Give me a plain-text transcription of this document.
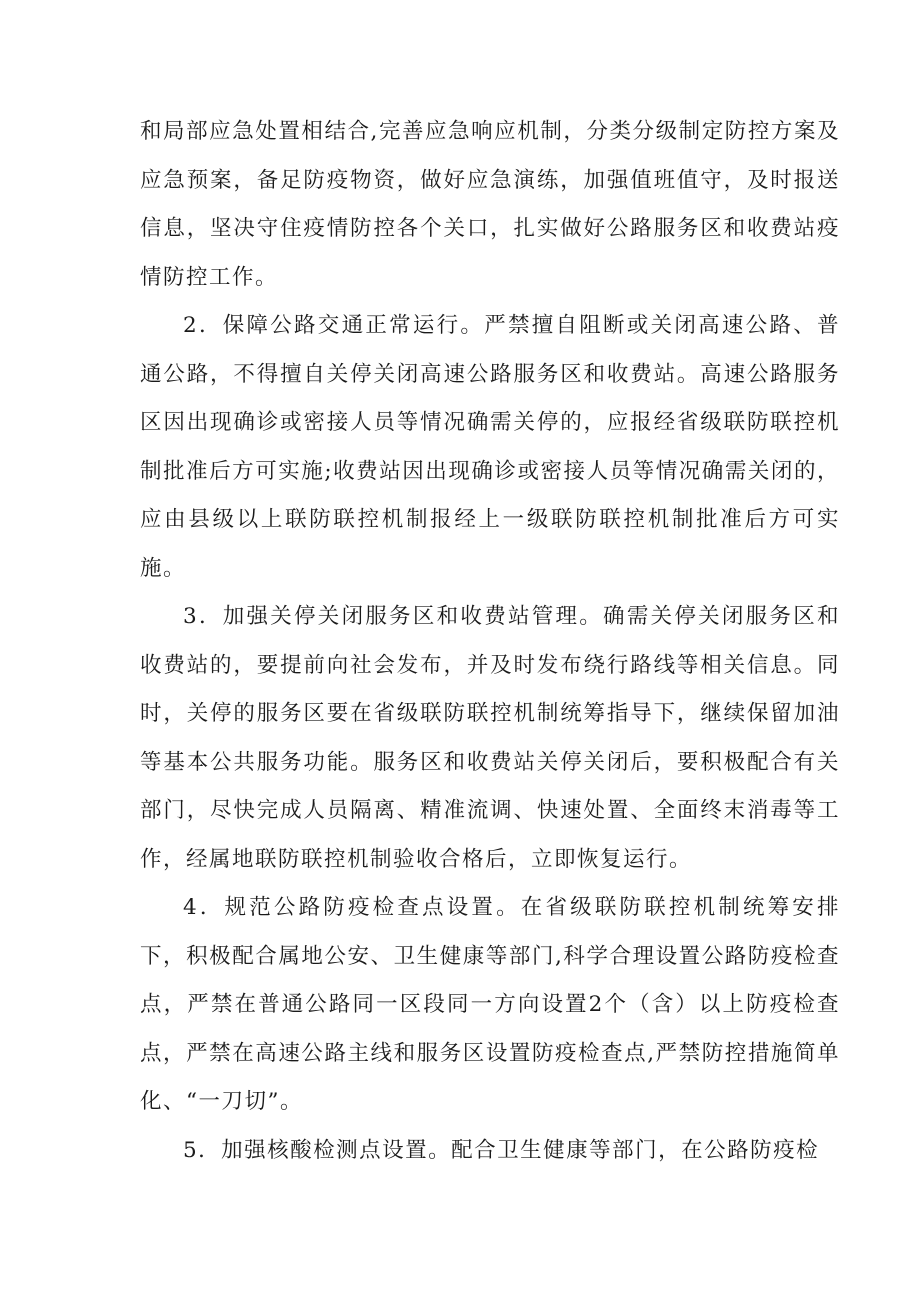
和局部应急处置相结合,完善应急响应机制，分类分级制定防控方案及应急预案，备足防疫物资，做好应急演练，加强值班值守，及时报送信息，坚决守住疫情防控各个关口，扎实做好公路服务区和收费站疫情防控工作。

2．保障公路交通正常运行。严禁擅自阻断或关闭高速公路、普通公路，不得擅自关停关闭高速公路服务区和收费站。高速公路服务区因出现确诊或密接人员等情况确需关停的，应报经省级联防联控机制批准后方可实施;收费站因出现确诊或密接人员等情况确需关闭的，应由县级以上联防联控机制报经上一级联防联控机制批准后方可实施。

3．加强关停关闭服务区和收费站管理。确需关停关闭服务区和收费站的，要提前向社会发布，并及时发布绕行路线等相关信息。同时，关停的服务区要在省级联防联控机制统筹指导下，继续保留加油等基本公共服务功能。服务区和收费站关停关闭后，要积极配合有关部门，尽快完成人员隔离、精准流调、快速处置、全面终末消毒等工作，经属地联防联控机制验收合格后，立即恢复运行。

4．规范公路防疫检查点设置。在省级联防联控机制统筹安排下，积极配合属地公安、卫生健康等部门,科学合理设置公路防疫检查点，严禁在普通公路同一区段同一方向设置2个（含）以上防疫检查点，严禁在高速公路主线和服务区设置防疫检查点,严禁防控措施简单化、“一刀切”。

5．加强核酸检测点设置。配合卫生健康等部门，在公路防疫检
